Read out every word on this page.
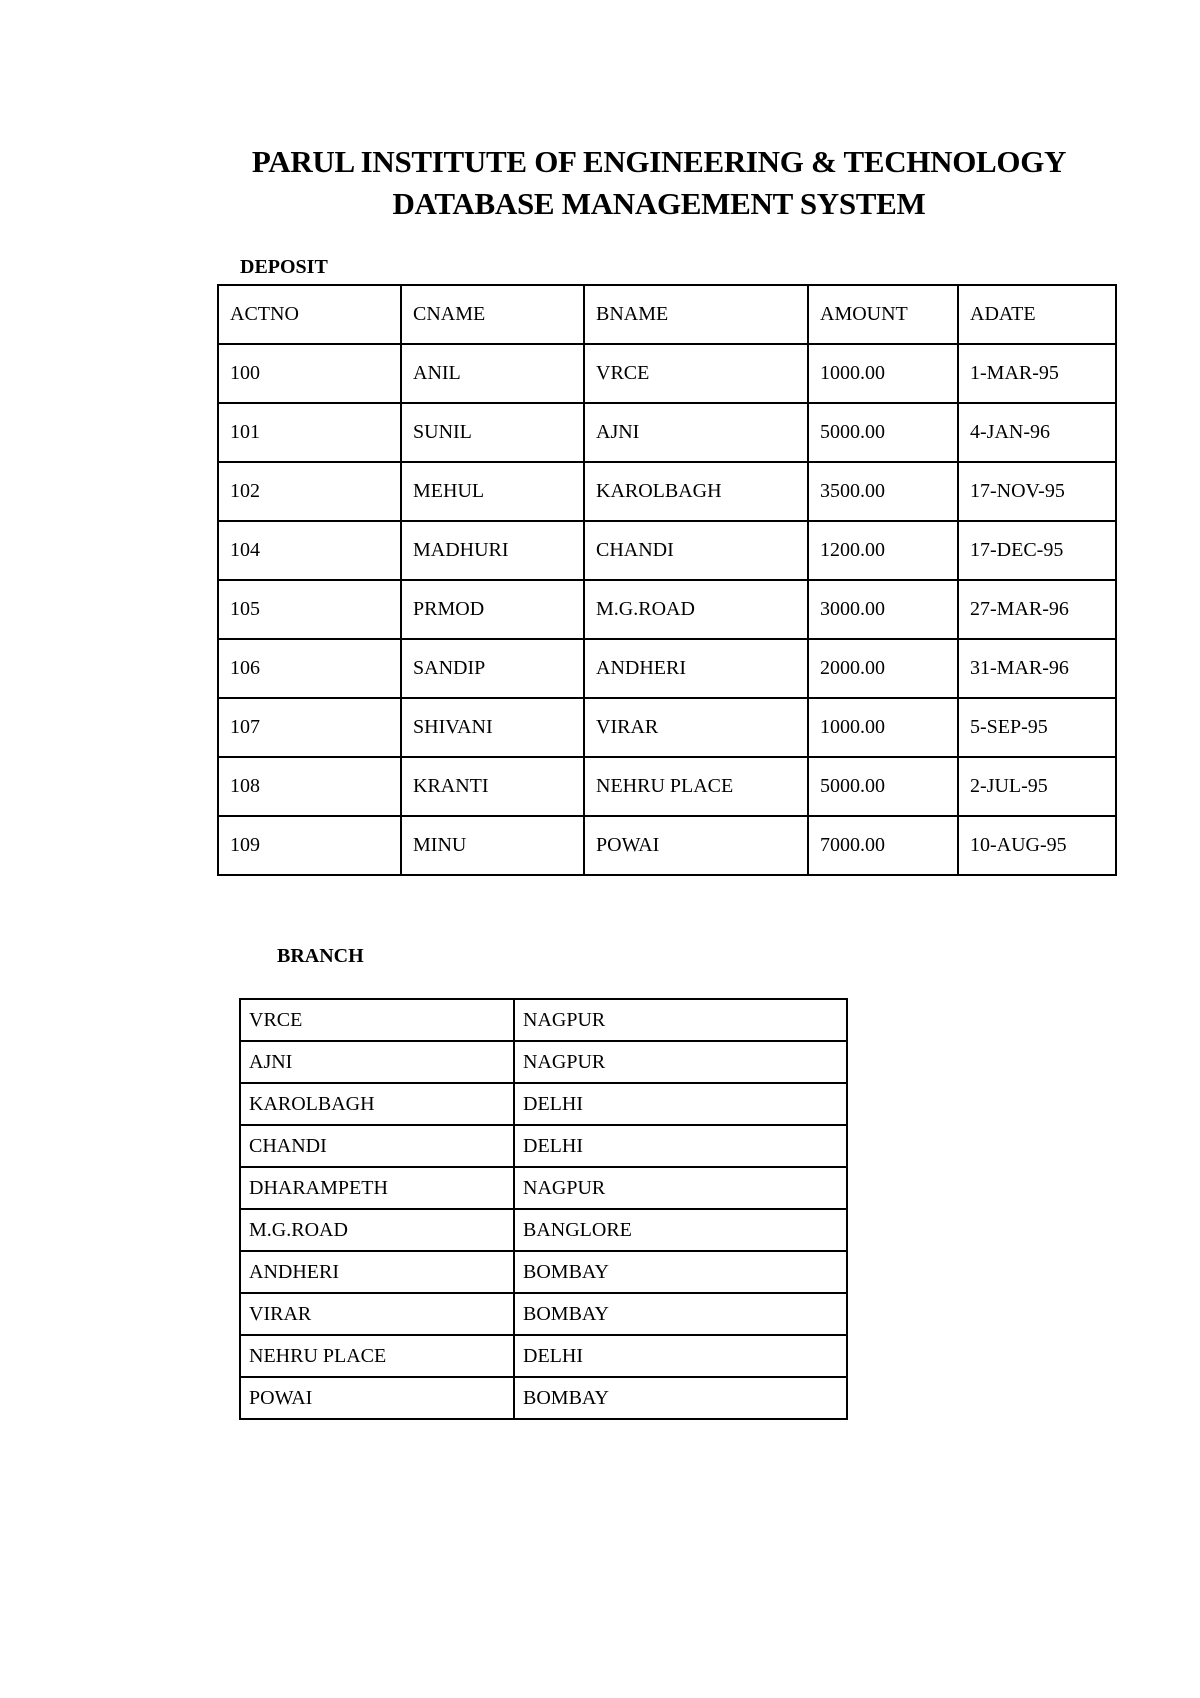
PARUL INSTITUTE OF ENGINEERING & TECHNOLOGY
DATABASE MANAGEMENT SYSTEM

DEPOSIT

ACTNO	CNAME	BNAME	AMOUNT	ADATE
100	ANIL	VRCE	1000.00	1-MAR-95
101	SUNIL	AJNI	5000.00	4-JAN-96
102	MEHUL	KAROLBAGH	3500.00	17-NOV-95
104	MADHURI	CHANDI	1200.00	17-DEC-95
105	PRMOD	M.G.ROAD	3000.00	27-MAR-96
106	SANDIP	ANDHERI	2000.00	31-MAR-96
107	SHIVANI	VIRAR	1000.00	5-SEP-95
108	KRANTI	NEHRU PLACE	5000.00	2-JUL-95
109	MINU	POWAI	7000.00	10-AUG-95

BRANCH

VRCE	NAGPUR
AJNI	NAGPUR
KAROLBAGH	DELHI
CHANDI	DELHI
DHARAMPETH	NAGPUR
M.G.ROAD	BANGLORE
ANDHERI	BOMBAY
VIRAR	BOMBAY
NEHRU PLACE	DELHI
POWAI	BOMBAY
